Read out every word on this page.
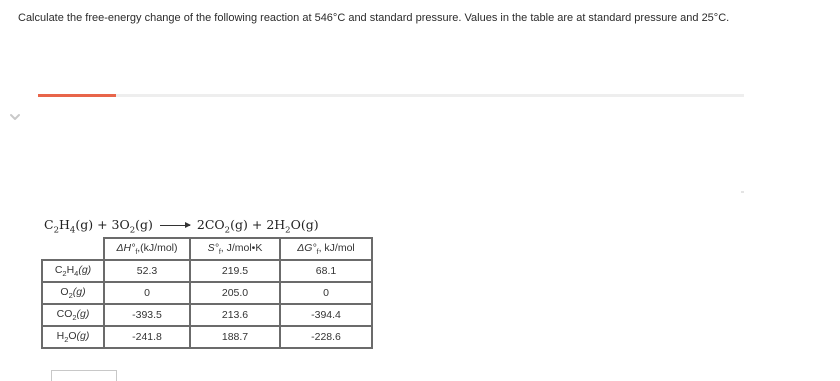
Calculate the free-energy change of the following reaction at 546°C and standard pressure. Values in the table are at standard pressure and 25°C.
$C_2H_4(g) + 3O_2(g) \to 2CO_2(g) + 2H_2O(g)$
	$\Delta H^\circ_f,(kJ/mol)$	$S^\circ_f$, J/mol•K	$\Delta G^\circ_f$, kJ/mol
$C_2H_4(g)$	52.3	219.5	68.1
$O_2(g)$	0	205.0	0
$CO_2(g)$	-393.5	213.6	-394.4
$H_2O(g)$	-241.8	188.7	-228.6
